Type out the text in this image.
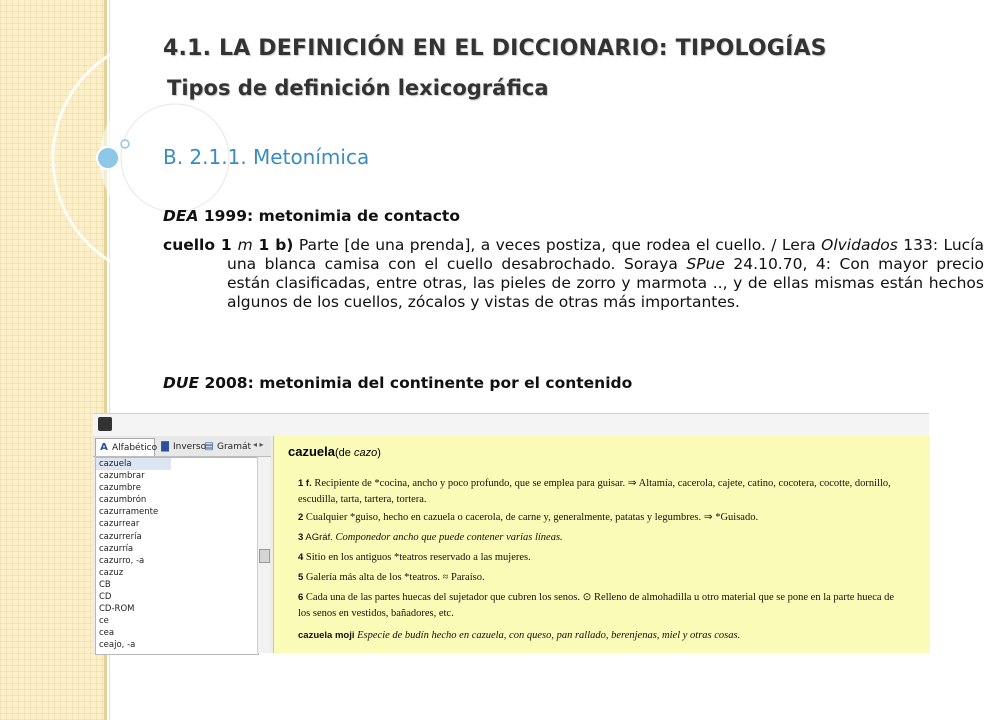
4.1. LA DEFINICIÓN EN EL DICCIONARIO: TIPOLOGÍAS
Tipos de definición lexicográfica
B. 2.1.1. Metonímica
DEA 1999: metonimia de contacto
cuello 1 m 1 b) Parte [de una prenda], a veces postiza, que rodea el cuello. / Lera Olvidados 133: Lucía una blanca camisa con el cuello desabrochado. Soraya SPue 24.10.70, 4: Con mayor precio están clasificadas, entre otras, las pieles de zorro y marmota .., y de ellas mismas están hechos algunos de los cuellos, zócalos y vistas de otras más importantes.
DUE 2008: metonimia del continente por el contenido
A Alfabético ▇ Inverso
▤ Gramát ◂ ▸
cazuela
cazumbrar
cazumbre
cazumbrón
cazurramente
cazurrear
cazurrería
cazurría
cazurro, -a
cazuz
CB
CD
CD-ROM
ce
cea
ceajo, -a
cazuela(de cazo)
1 f. Recipiente de *cocina, ancho y poco profundo, que se emplea para guisar. ⇒ Altamía, cacerola, cajete, catino, cocotera, cocotte, dornillo, escudilla, tarta, tartera, tortera.
2 Cualquier *guiso, hecho en cazuela o cacerola, de carne y, generalmente, patatas y legumbres. ⇒ *Guisado.
3 AGráf. Componedor ancho que puede contener varias líneas.
4 Sitio en los antiguos *teatros reservado a las mujeres.
5 Galería más alta de los *teatros. ≈ Paraíso.
6 Cada una de las partes huecas del sujetador que cubren los senos. ⊙ Relleno de almohadilla u otro material que se pone en la parte hueca de los senos en vestidos, bañadores, etc.
cazuela moji Especie de budín hecho en cazuela, con queso, pan rallado, berenjenas, miel y otras cosas.
